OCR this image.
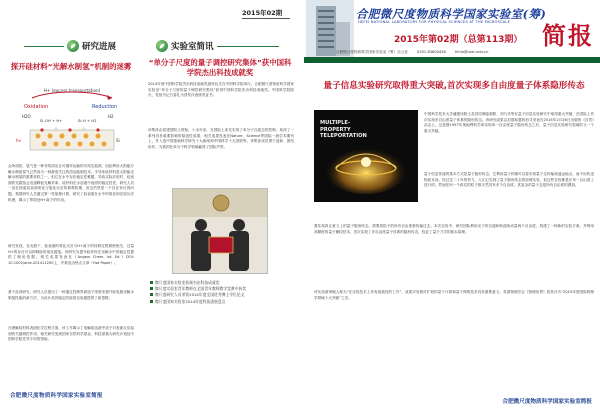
研究进展
探开硅材料“光解水制氢”机制的迷雾
H+ (excess transportation)
Oxidation	Reduction
H2O	H2
Si-OH + H+	Si-H + H2
Si
hv
众所周知，氢气是一种非常清洁且可循环运输的可再生能源，因此利用太阳能分解水制备氢气已然成为一种最受关注的清洁能源技术。半导体硅材料是太阳能光解水制氢的重要材料之一，但它在水中存在稳定性难题，导致实际应用时，硅表面的光腐蚀会迅速降低光解效率。硅材料在水溶液中表面的稳定性差，研究人员一直在探索其表面氧化与氢化反应的微观机理，但这仍然是一个存在争议的问题。我国研究人员通过第一性原理计算，研究了硅表面在水中的氧化和还原反应机理，揭示了界面处H+离子的作用。
研究发现，在光照下，硅表面的氧化反应与H+离子的转移过程紧密相关，过量H+的存在可以抑制硅的氧化腐蚀。该研究为提升硅材料在光解水中的稳定性提供了理论依据。相关成果发表在《Angew. Chem. Int. Ed.》DOI: 10.1002/anie.201411200上，并被选为热点文章（Hot Paper）。
基于此项研究，研究人员提出了一种通过控制界面质子浓度来提升硅电极光解水制氢性能的新方法，为设计高效稳定的硅基光电极提供了新思路。
在理解硅材料表面化学过程方面，该工作揭示了电解质溶液中质子对表面反应起到的关键调控作用，相关研究受到国家自然科学基金、科技部重大研究计划及中国科学院先导专项的资助。
合肥微尺度物质科学国家实验室简报
2015年02期
实验室简讯
“单分子尺度的量子调控研究集体”获中国科学院杰出科技成就奖
2014年度中国科学院杰出科技成就奖颁发仪式在中国科学院举行。合肥微尺度物质科学国家实验室“单分子尺度的量子调控研究集体”获得中国科学院杰出科技成就奖。中国科学院院长、党组书记白春礼为获奖代表颁发证书。
该集体由侯建国院士领衔，十余年来，在国际上率先实现了单分子自旋态的控制，取得了一系列具有重要影响的原创性成果，相关成果发表在Nature、Science等国际一流学术期刊上，并入选中国基础科学研究十大新闻和中国科学十大进展等。该集体成员勇于创新、团结协作，为我国在单分子科学领域赢得了国际声誉。
微尺度国家实验室获颁杰出科技成就奖
微尺度实验室青年教师在全国青年教师教学竞赛中获奖
微尺度研究人员荣获2014年度全国优秀博士学位论文
微尺度国家实验室2014年度科技进展盘点
合肥微尺度物质科学国家实验室(筹)
HEFEI NATIONAL LABORATORY FOR PHYSICAL SCIENCES AT THE MICROSCALE
2015年第02期（总第113期） 简报
合肥微尺度物质科学国家实验室（筹）办公室	0551-63600458	hfnlo@ustc.edu.cn
量子信息实验研究取得重大突破,首次实现多自由度量子体系隐形传态
MULTIPLE-PROPERTY TELEPORTATION
中国科学技术大学潘建伟院士及其同事陆朝阳、刘乃乐等在量子信息实验研究中取得重大突破，在国际上首次实现多自由度量子体系的隐形传态。该研究成果以封面标题的形式发表在2015年2月26日出版的《自然》杂志上。这是继1997年奥地利科学家实现单一自由度量子隐形传态之后，量子信息实验研究领域的又一个重大突破。
量子信息传递的基本方式是量子隐形传态，它利用量子纠缠可以将未知量子态传输到遥远地点，而不用传送物质本身。经过近二十年的努力，人们已实现了量子隐形传态的原理实验，但这些实验都是在单一自由度上进行的。然而任何一个真实的粒子都天然具有多个自由度，其复杂的量子态是所有自由度的叠加。
要实现真正意义上的量子隐形传态，需要将粒子的所有自由度都传输过去。本次实验中，研究团队利用光子的自旋和轨道角动量两个自由度，构建了一种新的实验方案，并利用高精度的量子操控技术，首次实现了多自由度量子体系的隐形传态，验证了量子力学的基本原理。
该实验被审稿人称为“在实验技术上具有挑战性的工作”，成果对发展可扩展的量子计算和量子网络技术具有重要意义。英国物理学会《物理世界》将其评为“2015年度国际物理学领域十大突破”之首。
合肥微尺度物质科学国家实验室简报
